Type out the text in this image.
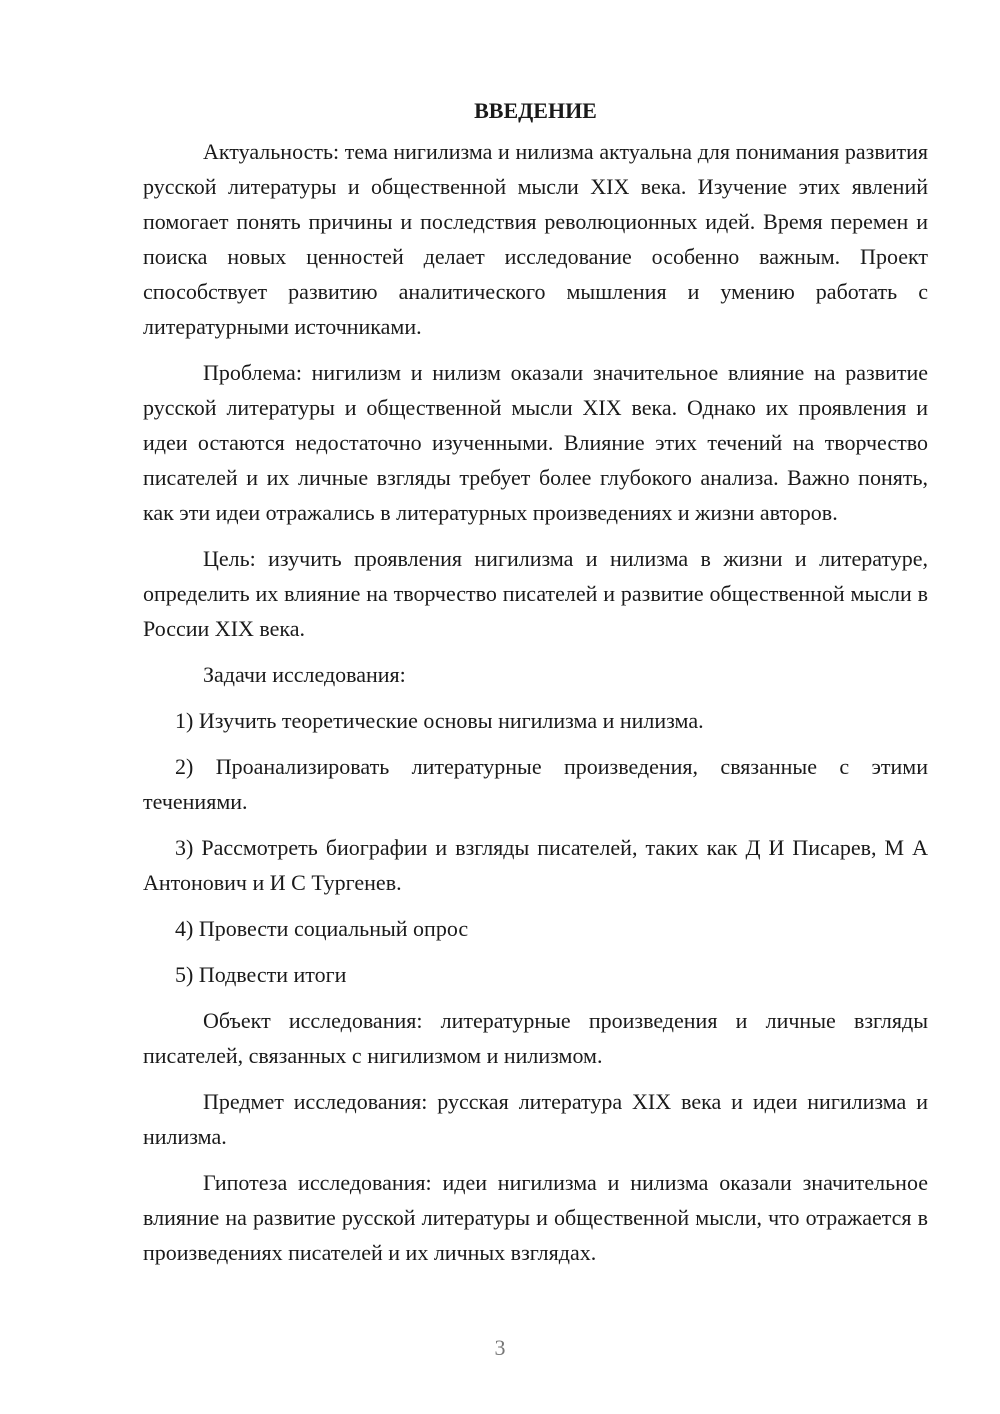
ВВЕДЕНИЕ

Актуальность: тема нигилизма и нилизма актуальна для понимания развития русской литературы и общественной мысли XIX века. Изучение этих явлений помогает понять причины и последствия революционных идей. Время перемен и поиска новых ценностей делает исследование особенно важным. Проект способствует развитию аналитического мышления и умению работать с литературными источниками.

Проблема: нигилизм и нилизм оказали значительное влияние на развитие русской литературы и общественной мысли XIX века. Однако их проявления и идеи остаются недостаточно изученными. Влияние этих течений на творчество писателей и их личные взгляды требует более глубокого анализа. Важно понять, как эти идеи отражались в литературных произведениях и жизни авторов.

Цель: изучить проявления нигилизма и нилизма в жизни и литературе, определить их влияние на творчество писателей и развитие общественной мысли в России XIX века.

Задачи исследования:

1) Изучить теоретические основы нигилизма и нилизма.

2) Проанализировать литературные произведения, связанные с этими течениями.

3) Рассмотреть биографии и взгляды писателей, таких как Д И Писарев, М А Антонович и И С Тургенев.

4) Провести социальный опрос

5) Подвести итоги

Объект исследования: литературные произведения и личные взгляды писателей, связанных с нигилизмом и нилизмом.

Предмет исследования: русская литература XIX века и идеи нигилизма и нилизма.

Гипотеза исследования: идеи нигилизма и нилизма оказали значительное влияние на развитие русской литературы и общественной мысли, что отражается в произведениях писателей и их личных взглядах.

3
